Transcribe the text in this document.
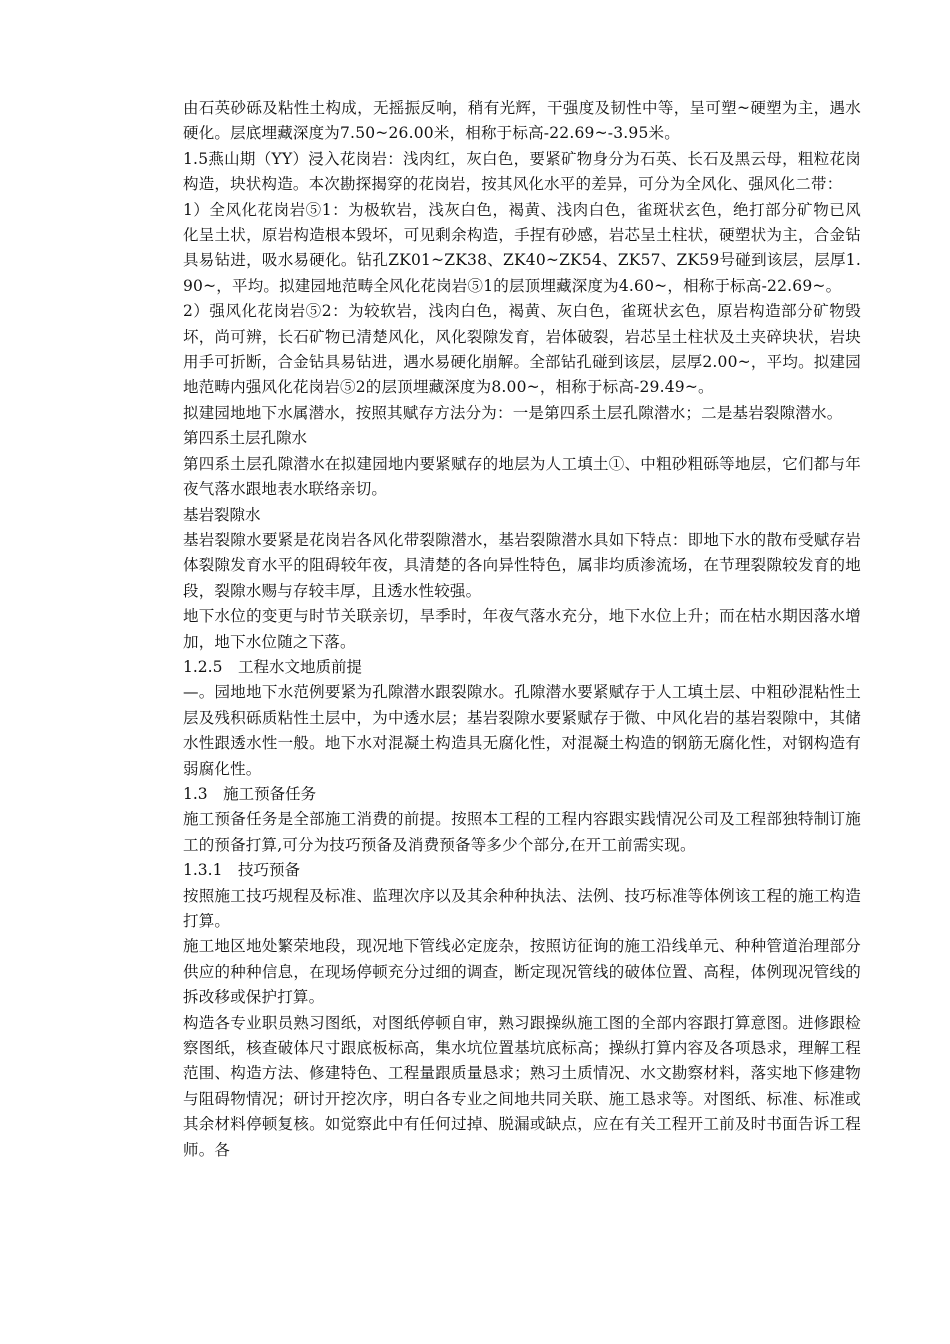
由石英砂砾及粘性土构成，无摇振反响，稍有光辉，干强度及韧性中等，呈可塑~硬塑为主，遇水硬化。层底埋藏深度为7.50~26.00米，相称于标高-22.69~-3.95米。

1.5燕山期（YY）浸入花岗岩：浅肉红，灰白色，要紧矿物身分为石英、长石及黑云母，粗粒花岗构造，块状构造。本次勘探揭穿的花岗岩，按其风化水平的差异，可分为全风化、强风化二带：

1）全风化花岗岩⑤1：为极软岩，浅灰白色，褐黄、浅肉白色，雀斑状玄色，绝打部分矿物已风化呈土状，原岩构造根本毁坏，可见剩余构造，手捏有砂感，岩芯呈土柱状，硬塑状为主，合金钻具易钻进，吸水易硬化。钻孔ZK01~ZK38、ZK40~ZK54、ZK57、ZK59号碰到该层，层厚1.90~，平均。拟建园地范畴全风化花岗岩⑤1的层顶埋藏深度为4.60~，相称于标高-22.69~。

2）强风化花岗岩⑤2：为较软岩，浅肉白色，褐黄、灰白色，雀斑状玄色，原岩构造部分矿物毁坏，尚可辨，长石矿物已清楚风化，风化裂隙发育，岩体破裂，岩芯呈土柱状及土夹碎块状，岩块用手可折断，合金钻具易钻进，遇水易硬化崩解。全部钻孔碰到该层，层厚2.00~，平均。拟建园地范畴内强风化花岗岩⑤2的层顶埋藏深度为8.00~，相称于标高-29.49~。

拟建园地地下水属潜水，按照其赋存方法分为：一是第四系土层孔隙潜水；二是基岩裂隙潜水。

第四系土层孔隙水

第四系土层孔隙潜水在拟建园地内要紧赋存的地层为人工填土①、中粗砂粗砾等地层，它们都与年夜气落水跟地表水联络亲切。

基岩裂隙水

基岩裂隙水要紧是花岗岩各风化带裂隙潜水，基岩裂隙潜水具如下特点：即地下水的散布受赋存岩体裂隙发育水平的阻碍较年夜，具清楚的各向异性特色，属非均质渗流场，在节理裂隙较发育的地段，裂隙水赐与存较丰厚，且透水性较强。

地下水位的变更与时节关联亲切，旱季时，年夜气落水充分，地下水位上升；而在枯水期因落水增加，地下水位随之下落。

1.2.5　工程水文地质前提

—。园地地下水范例要紧为孔隙潜水跟裂隙水。孔隙潜水要紧赋存于人工填土层、中粗砂混粘性土层及残积砾质粘性土层中，为中透水层；基岩裂隙水要紧赋存于微、中风化岩的基岩裂隙中，其储水性跟透水性一般。地下水对混凝土构造具无腐化性，对混凝土构造的钢筋无腐化性，对钢构造有弱腐化性。

1.3　施工预备任务

施工预备任务是全部施工消费的前提。按照本工程的工程内容跟实践情况公司及工程部独特制订施工的预备打算,可分为技巧预备及消费预备等多少个部分,在开工前需实现。

1.3.1　技巧预备

按照施工技巧规程及标准、监理次序以及其余种种执法、法例、技巧标准等体例该工程的施工构造打算。

施工地区地处繁荣地段，现况地下管线必定庞杂，按照访征询的施工沿线单元、种种管道治理部分供应的种种信息，在现场停顿充分过细的调查，断定现况管线的破体位置、高程，体例现况管线的拆改移或保护打算。

构造各专业职员熟习图纸，对图纸停顿自审，熟习跟操纵施工图的全部内容跟打算意图。进修跟检察图纸，核查破体尺寸跟底板标高，集水坑位置基坑底标高；操纵打算内容及各项恳求，理解工程范围、构造方法、修建特色、工程量跟质量恳求；熟习土质情况、水文勘察材料，落实地下修建物与阻碍物情况；研讨开挖次序，明白各专业之间地共同关联、施工恳求等。对图纸、标准、标准或其余材料停顿复核。如觉察此中有任何过掉、脱漏或缺点，应在有关工程开工前及时书面告诉工程师。各
